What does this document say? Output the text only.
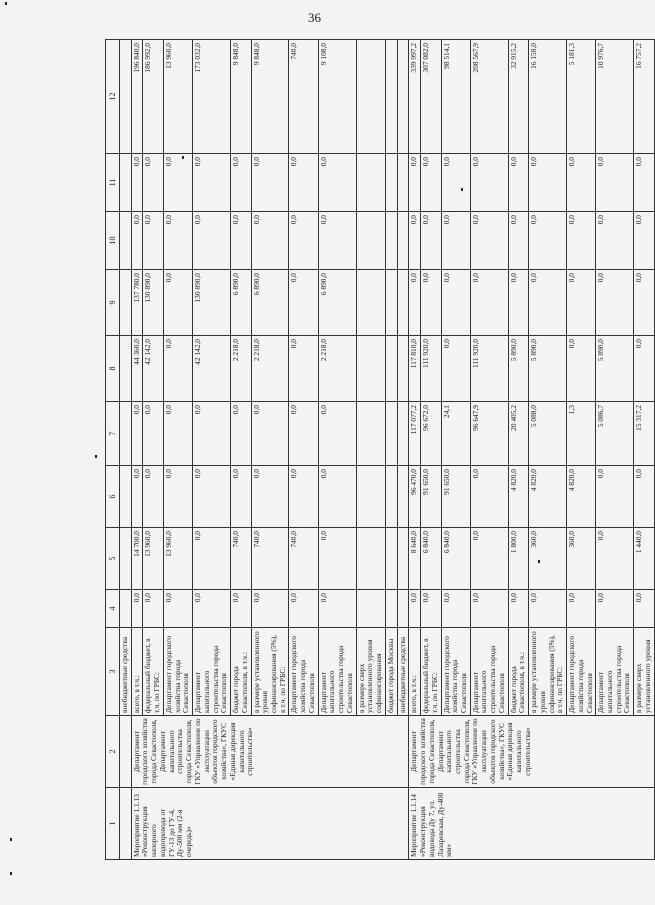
36
1	2	3	4	5	6	7	8	9	10	11	12
		внебюджетные средства									
Мероприятие 1.1.13 «Реконструкция напорного водопровода от ГУ-13 до ГУ-4, Ду-500 мм (2-я очередь)»	Департамент городского хозяйства города Севастополя, Департамент капитального строительства города Севастополя, ГКУ «Управление по эксплуатации объектов городского хозяйства», ГКУС «Единая дирекция капитального строительства»	всего, в т.ч.:	0,0	14 700,0	0,0	0,0	44 360,0	137 780,0	0,0	0,0	196 840,0
		федеральный бюджет, в т.ч. по ГРБС:	0,0	13 960,0	0,0	0,0	42 142,0	130 890,0	0,0	0,0	186 992,0
		Департамент городского хозяйства города Севастополя	0,0	13 960,0	0,0	0,0	0,0	0,0	0,0	0,0	13 960,0
		Департамент капитального строительства города Севастополя	0,0	0,0	0,0	0,0	42 142,0	130 890,0	0,0	0,0	173 032,0
		бюджет города Севастополя, в т.ч.:	0,0	740,0	0,0	0,0	2 218,0	6 890,0	0,0	0,0	9 848,0
		в размере установленного уровня софинансирования (5%), в т.ч. по ГРБС:	0,0	740,0	0,0	0,0	2 218,0	6 890,0	0,0	0,0	9 848,0
		Департамент городского хозяйства города Севастополя	0,0	740,0	0,0	0,0	0,0	0,0	0,0	0,0	740,0
		Департамент капитального строительства города Севастополя	0,0	0,0	0,0	0,0	2 218,0	6 890,0	0,0	0,0	9 108,0
		в размере сверх установленного уровня софинансирования									
		бюджет города Москвы									
		внебюджетные средства									
Мероприятие 1.1.14 «Реконструкция водовода Ду 7, ул. Лазаревская, Ду-400 мм»	Департамент городского хозяйства города Севастополя, Департамент капитального строительства города Севастополя, ГКУ «Управление по эксплуатации объектов городского хозяйства», ГКУС «Единая дирекция капитального строительства»	всего, в т.ч.:	0,0	8 640,0	96 470,0	117 077,2	117 810,0	0,0	0,0	0,0	339 997,2
		федеральный бюджет, в т.ч. по ГРБС:	0,0	6 840,0	91 650,0	96 672,0	111 920,0	0,0	0,0	0,0	307 082,0
		Департамент городского хозяйства города Севастополя	0,0	6 840,0	91 650,0	24,1	0,0	0,0	0,0	0,0	98 514,1
		Департамент капитального строительства города Севастополя	0,0	0,0	0,0	96 647,9	111 920,0	0,0	0,0	0,0	208 567,9
		бюджет города Севастополя, в т.ч.:	0,0	1 800,0	4 820,0	20 405,2	5 890,0	0,0	0,0	0,0	32 915,2
		в размере установленного уровня софинансирования (5%), в т.ч. по ГРБС:	0,0	360,0	4 820,0	5 088,0	5 890,0	0,0	0,0	0,0	16 158,0
		Департамент городского хозяйства города Севастополя	0,0	360,0	4 820,0	1,3	0,0	0,0	0,0	0,0	5 181,3
		Департамент капитального строительства города Севастополя	0,0	0,0	0,0	5 086,7	5 890,0	0,0	0,0	0,0	10 976,7
		в размере сверх установленного уровня	0,0	1 440,0	0,0	15 317,2	0,0	0,0	0,0	0,0	16 757,2
